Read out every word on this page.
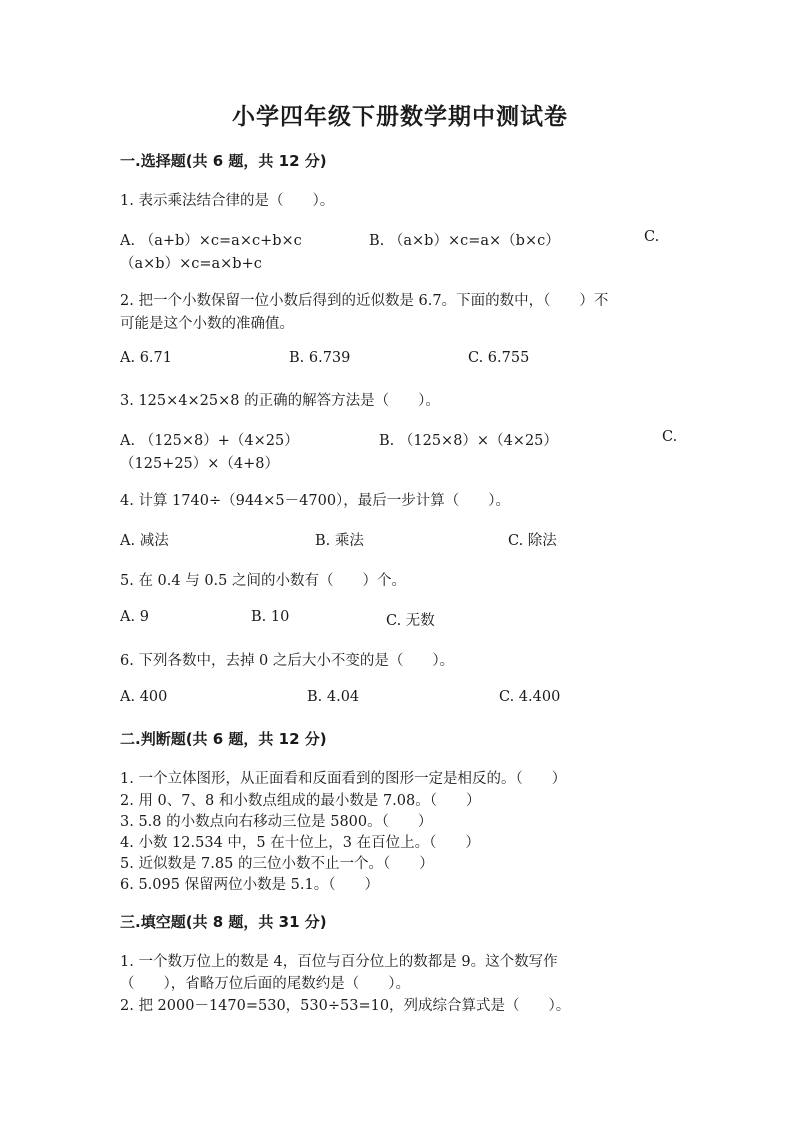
小学四年级下册数学期中测试卷
一.选择题(共 6 题，共 12 分)
1. 表示乘法结合律的是（　　）。
A. （a+b）×c=a×c+b×c	B. （a×b）×c=a×（b×c）	C.
（a×b）×c=a×b+c
2. 把一个小数保留一位小数后得到的近似数是 6.7。下面的数中，（　　）不
可能是这个小数的准确值。
A. 6.71	B. 6.739	C. 6.755
3. 125×4×25×8 的正确的解答方法是（　　）。
A. （125×8）+（4×25）	B. （125×8）×（4×25）	C.
（125+25）×（4+8）
4. 计算 1740÷（944×5－4700），最后一步计算（　　）。
A. 减法	B. 乘法	C. 除法
5. 在 0.4 与 0.5 之间的小数有（　　）个。
A. 9	B. 10	C. 无数
6. 下列各数中，去掉 0 之后大小不变的是（　　）。
A. 400	B. 4.04	C. 4.400
二.判断题(共 6 题，共 12 分)
1. 一个立体图形，从正面看和反面看到的图形一定是相反的。（　　）
2. 用 0、7、8 和小数点组成的最小数是 7.08。（　　）
3. 5.8 的小数点向右移动三位是 5800。（　　）
4. 小数 12.534 中，5 在十位上，3 在百位上。（　　）
5. 近似数是 7.85 的三位小数不止一个。（　　）
6. 5.095 保留两位小数是 5.1。（　　）
三.填空题(共 8 题，共 31 分)
1. 一个数万位上的数是 4，百位与百分位上的数都是 9。这个数写作
（　　），省略万位后面的尾数约是（　　）。
2. 把 2000－1470=530，530÷53=10，列成综合算式是（　　）。
